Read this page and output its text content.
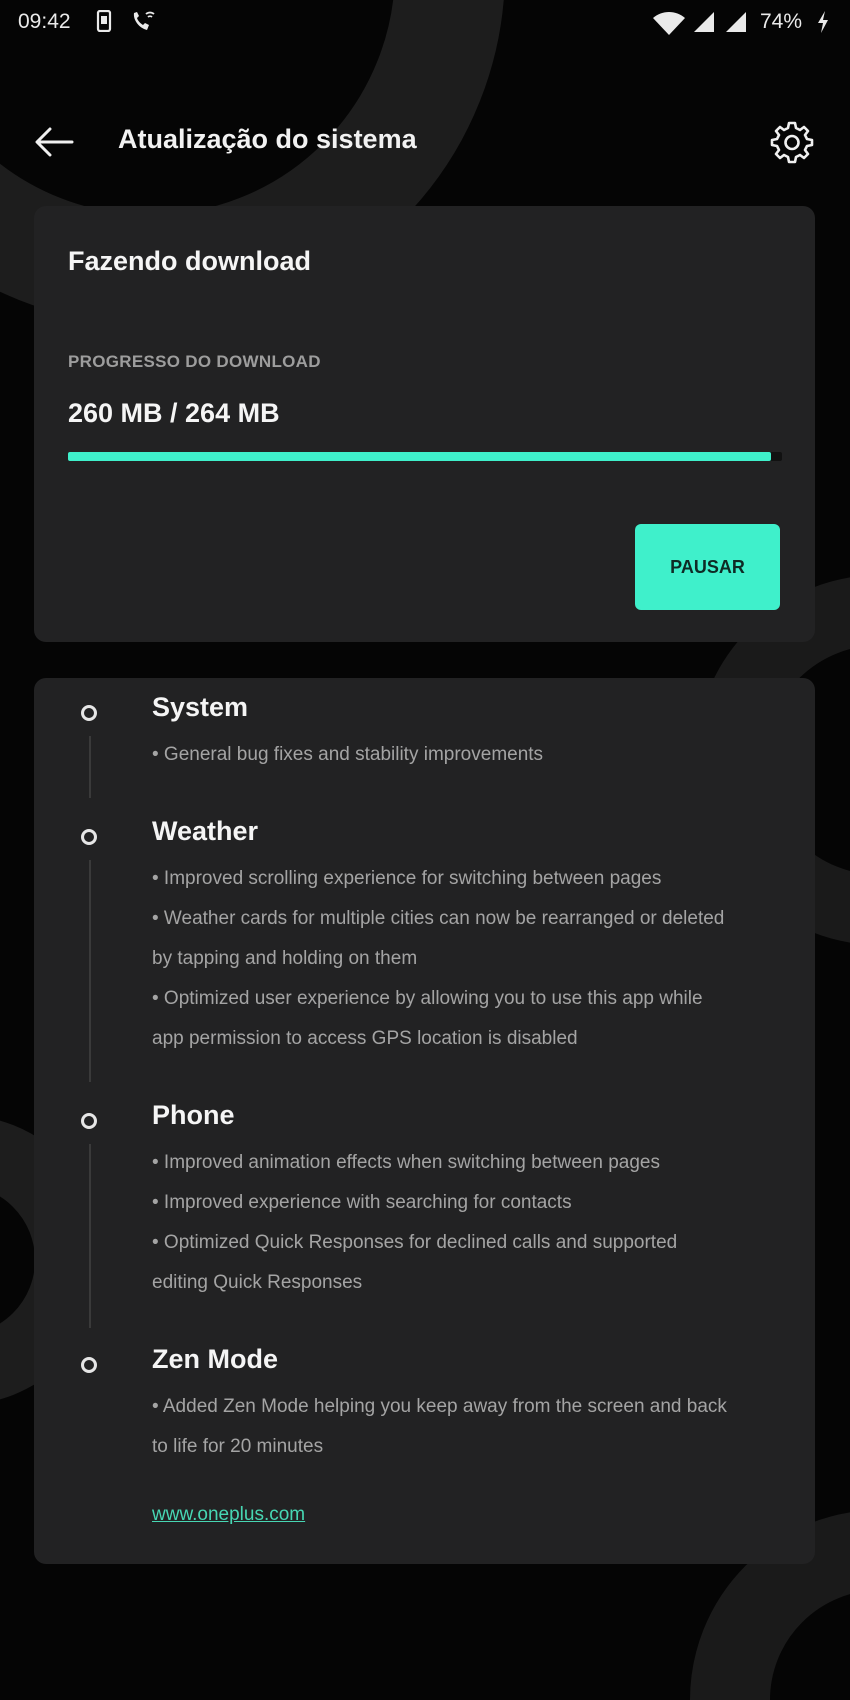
09:42	74%
Atualização do sistema
Fazendo download
PROGRESSO DO DOWNLOAD
260 MB / 264 MB
PAUSAR
System
• General bug fixes and stability improvements
Weather
• Improved scrolling experience for switching between pages
• Weather cards for multiple cities can now be rearranged or deleted
by tapping and holding on them
• Optimized user experience by allowing you to use this app while
app permission to access GPS location is disabled
Phone
• Improved animation effects when switching between pages
• Improved experience with searching for contacts
• Optimized Quick Responses for declined calls and supported
editing Quick Responses
Zen Mode
• Added Zen Mode helping you keep away from the screen and back
to life for 20 minutes
www.oneplus.com
